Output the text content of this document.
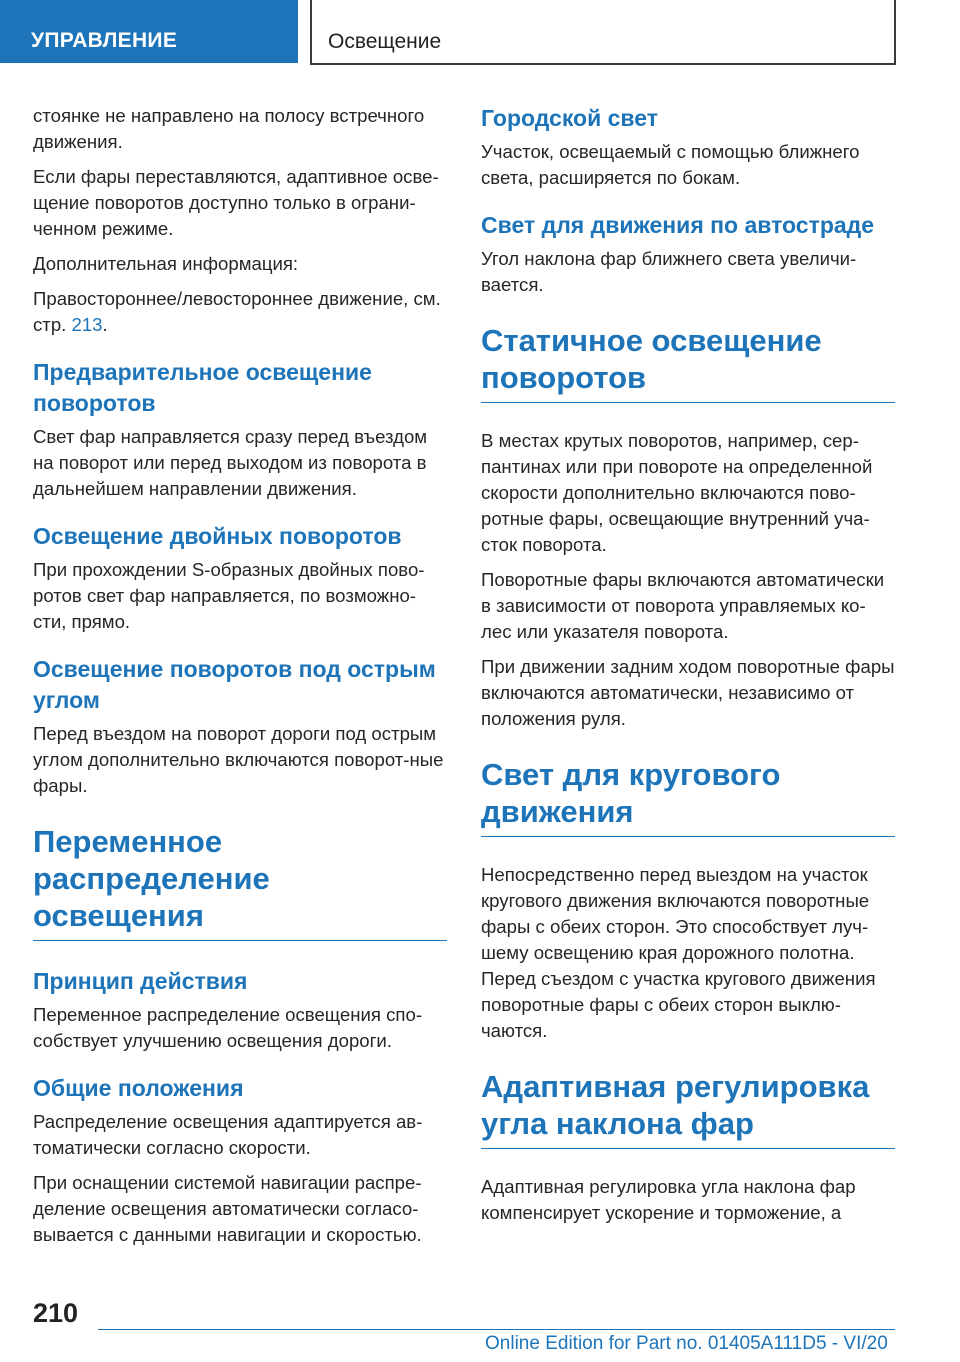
УПРАВЛЕНИЕ	Освещение

стоянке не направлено на полосу встречного движения.

Если фары переставляются, адаптивное осве-щение поворотов доступно только в ограни-ченном режиме.

Дополнительная информация:

Правостороннее/левостороннее движение, см. стр. 213.

Предварительное освещение поворотов

Свет фар направляется сразу перед въездом на поворот или перед выходом из поворота в дальнейшем направлении движения.

Освещение двойных поворотов

При прохождении S-образных двойных пово-ротов свет фар направляется, по возможно-сти, прямо.

Освещение поворотов под острым углом

Перед въездом на поворот дороги под острым углом дополнительно включаются поворот-ные фары.

Переменное распределение освещения
Принцип действия

Переменное распределение освещения спо-собствует улучшению освещения дороги.

Общие положения

Распределение освещения адаптируется ав-томатически согласно скорости.

При оснащении системой навигации распре-деление освещения автоматически согласо-вывается с данными навигации и скоростью.

Городской свет

Участок, освещаемый с помощью ближнего света, расширяется по бокам.

Свет для движения по автостраде

Угол наклона фар ближнего света увеличи-вается.

Статичное освещение поворотов

В местах крутых поворотов, например, сер-пантинах или при повороте на определенной скорости дополнительно включаются пово-ротные фары, освещающие внутренний уча-сток поворота.

Поворотные фары включаются автоматически в зависимости от поворота управляемых ко-лес или указателя поворота.

При движении задним ходом поворотные фары включаются автоматически, независимо от положения руля.

Свет для кругового движения

Непосредственно перед выездом на участок кругового движения включаются поворотные фары с обеих сторон. Это способствует луч-шему освещению края дорожного полотна. Перед съездом с участка кругового движения поворотные фары с обеих сторон выклю-чаются.

Адаптивная регулировка угла наклона фар

Адаптивная регулировка угла наклона фар компенсирует ускорение и торможение, а

210
Online Edition for Part no. 01405A111D5 - VI/20
